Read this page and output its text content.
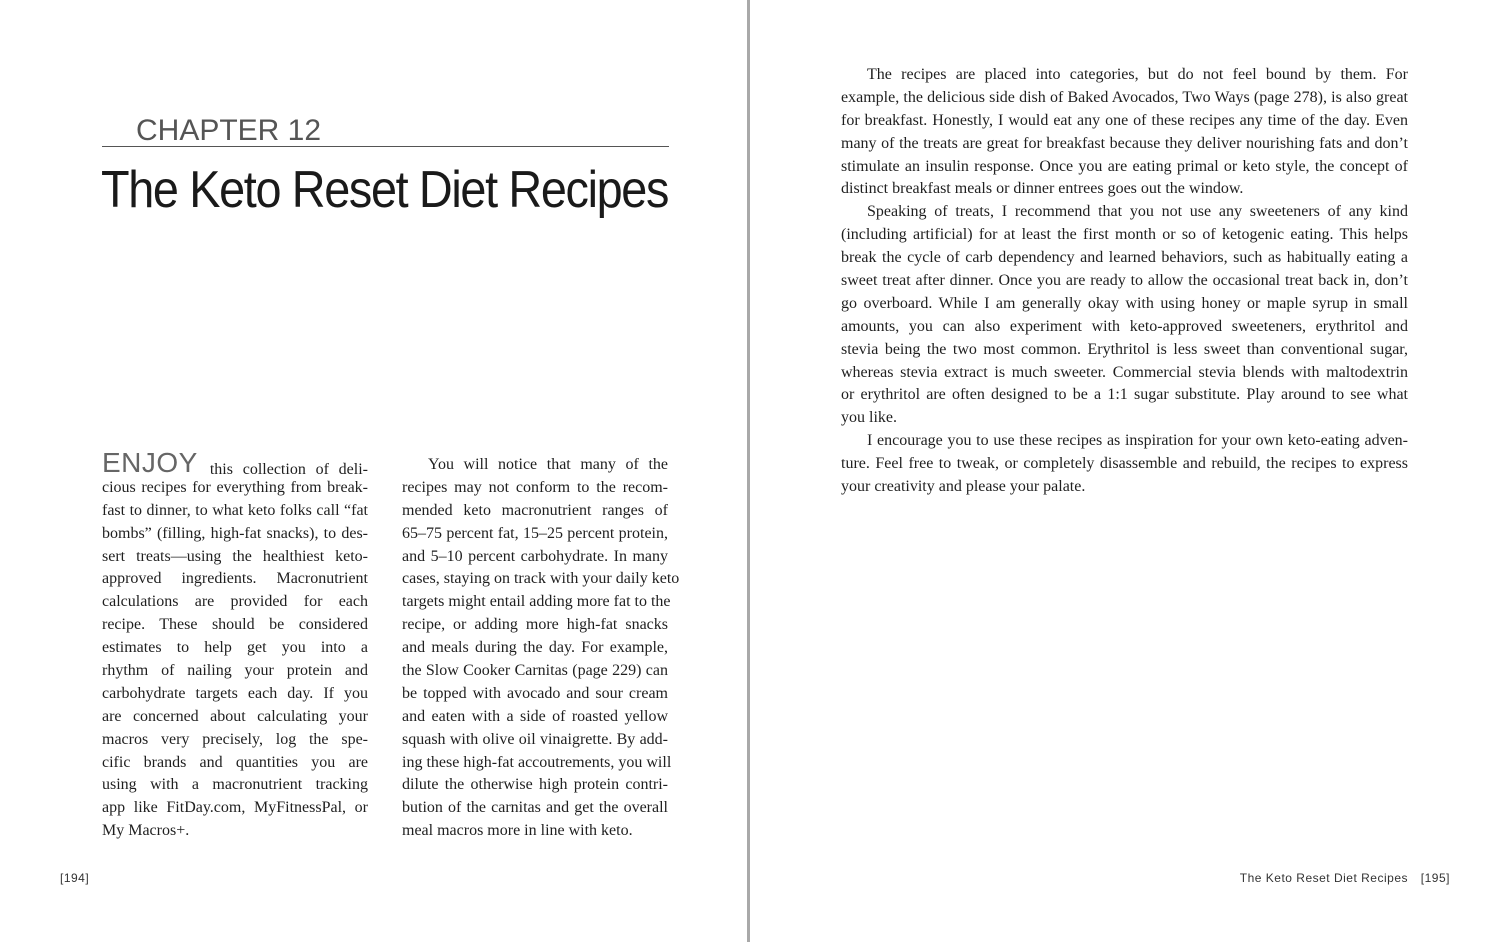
CHAPTER 12
The Keto Reset Diet Recipes
ENJOY this collection of deli-
cious recipes for everything from break-
fast to dinner, to what keto folks call “fat
bombs” (filling, high-fat snacks), to des-
sert treats—using the healthiest keto-
approved ingredients. Macronutrient
calculations are provided for each
recipe. These should be considered
estimates to help get you into a
rhythm of nailing your protein and
carbohydrate targets each day. If you
are concerned about calculating your
macros very precisely, log the spe-
cific brands and quantities you are
using with a macronutrient tracking
app like FitDay.com, MyFitnessPal, or
My Macros+.
You will notice that many of the
recipes may not conform to the recom-
mended keto macronutrient ranges of
65–75 percent fat, 15–25 percent protein,
and 5–10 percent carbohydrate. In many
cases, staying on track with your daily keto
targets might entail adding more fat to the
recipe, or adding more high-fat snacks
and meals during the day. For example,
the Slow Cooker Carnitas (page 229) can
be topped with avocado and sour cream
and eaten with a side of roasted yellow
squash with olive oil vinaigrette. By add-
ing these high-fat accoutrements, you will
dilute the otherwise high protein contri-
bution of the carnitas and get the overall
meal macros more in line with keto.
[194]
The recipes are placed into categories, but do not feel bound by them. For
example, the delicious side dish of Baked Avocados, Two Ways (page 278), is also great
for breakfast. Honestly, I would eat any one of these recipes any time of the day. Even
many of the treats are great for breakfast because they deliver nourishing fats and don’t
stimulate an insulin response. Once you are eating primal or keto style, the concept of
distinct breakfast meals or dinner entrees goes out the window.
Speaking of treats, I recommend that you not use any sweeteners of any kind
(including artificial) for at least the first month or so of ketogenic eating. This helps
break the cycle of carb dependency and learned behaviors, such as habitually eating a
sweet treat after dinner. Once you are ready to allow the occasional treat back in, don’t
go overboard. While I am generally okay with using honey or maple syrup in small
amounts, you can also experiment with keto-approved sweeteners, erythritol and
stevia being the two most common. Erythritol is less sweet than conventional sugar,
whereas stevia extract is much sweeter. Commercial stevia blends with maltodextrin
or erythritol are often designed to be a 1:1 sugar substitute. Play around to see what
you like.
I encourage you to use these recipes as inspiration for your own keto-eating adven-
ture. Feel free to tweak, or completely disassemble and rebuild, the recipes to express
your creativity and please your palate.
The Keto Reset Diet Recipes [195]
